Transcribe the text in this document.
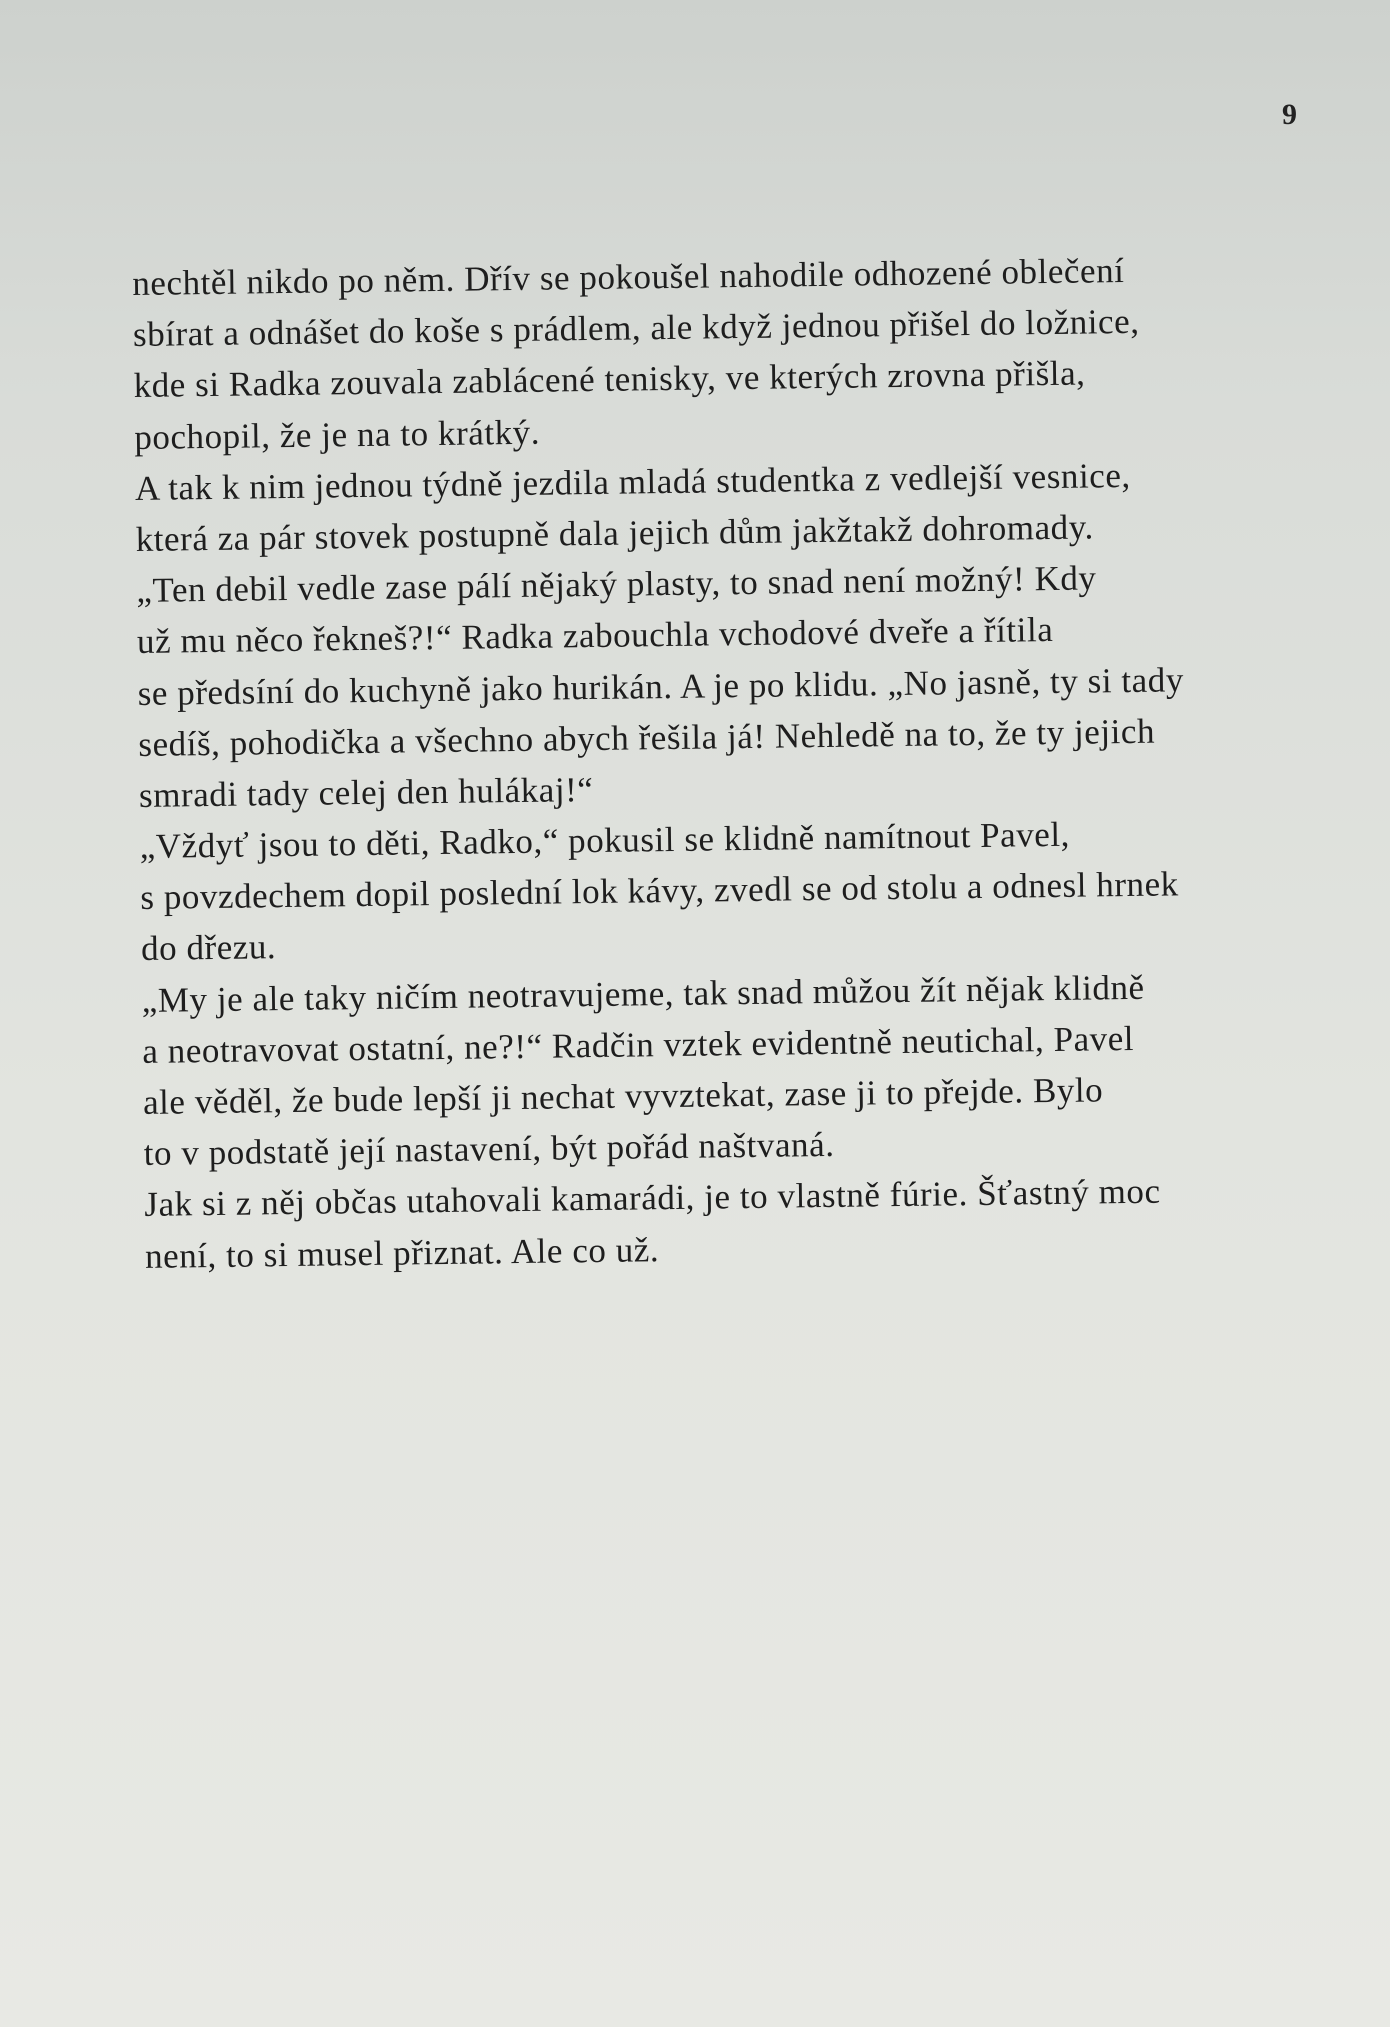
9
nechtěl nikdo po něm. Dřív se pokoušel nahodile odhozené oblečení
sbírat a odnášet do koše s prádlem, ale když jednou přišel do ložnice,
kde si Radka zouvala zablácené tenisky, ve kterých zrovna přišla,
pochopil, že je na to krátký.
A tak k nim jednou týdně jezdila mladá studentka z vedlejší vesnice,
která za pár stovek postupně dala jejich dům jakžtakž dohromady.
„Ten debil vedle zase pálí nějaký plasty, to snad není možný! Kdy
už mu něco řekneš?!“ Radka zabouchla vchodové dveře a řítila
se předsíní do kuchyně jako hurikán. A je po klidu. „No jasně, ty si tady
sedíš, pohodička a všechno abych řešila já! Nehledě na to, že ty jejich
smradi tady celej den hulákaj!“
„Vždyť jsou to děti, Radko,“ pokusil se klidně namítnout Pavel,
s povzdechem dopil poslední lok kávy, zvedl se od stolu a odnesl hrnek
do dřezu.
„My je ale taky ničím neotravujeme, tak snad můžou žít nějak klidně
a neotravovat ostatní, ne?!“ Radčin vztek evidentně neutichal, Pavel
ale věděl, že bude lepší ji nechat vyvztekat, zase ji to přejde. Bylo
to v podstatě její nastavení, být pořád naštvaná.
Jak si z něj občas utahovali kamarádi, je to vlastně fúrie. Šťastný moc
není, to si musel přiznat. Ale co už.
